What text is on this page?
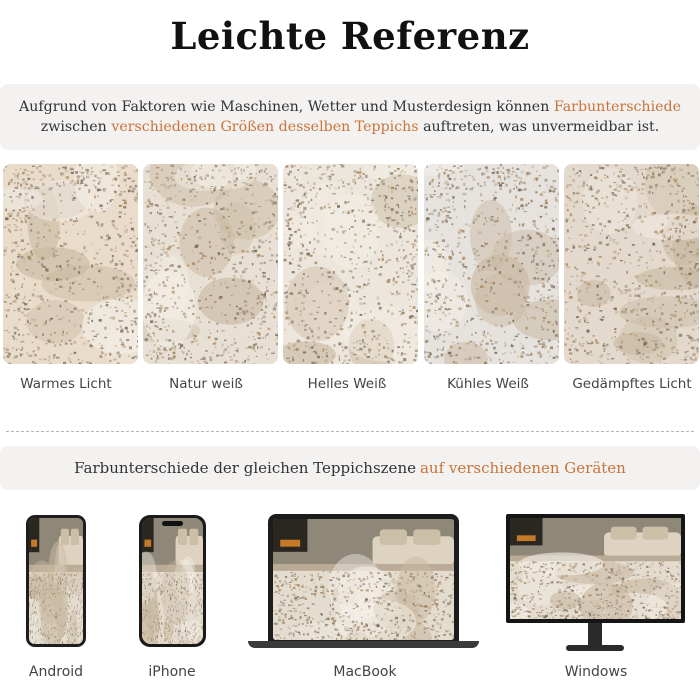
Leichte Referenz
Aufgrund von Faktoren wie Maschinen, Wetter und Musterdesign können Farbunterschiede
zwischen verschiedenen Größen desselben Teppichs auftreten, was unvermeidbar ist.
Warmes Licht	Natur weiß	Helles Weiß	Kühles Weiß	Gedämpftes Licht
Farbunterschiede der gleichen Teppichszene auf verschiedenen Geräten
Android	iPhone	MacBook	Windows
